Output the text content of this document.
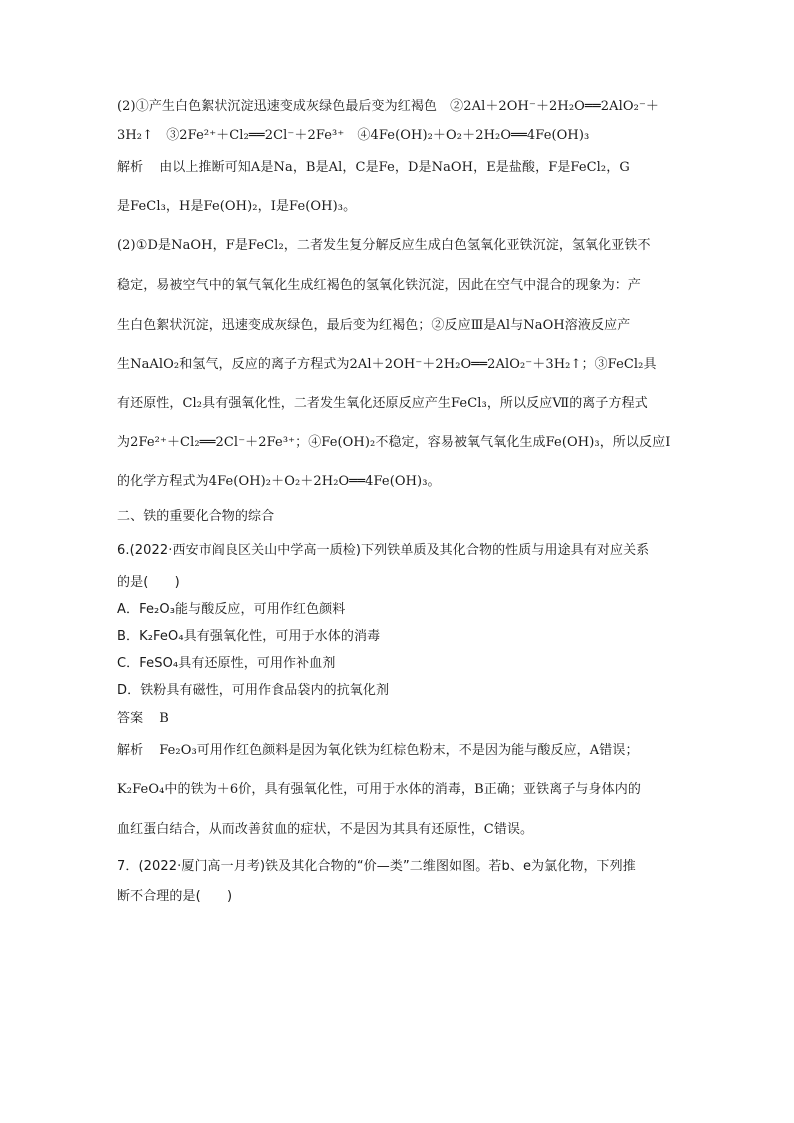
(2)①产生白色絮状沉淀迅速变成灰绿色最后变为红褐色　②2Al＋2OH⁻＋2H₂O══2AlO₂⁻＋
3H₂↑　③2Fe²⁺＋Cl₂══2Cl⁻＋2Fe³⁺　④4Fe(OH)₂＋O₂＋2H₂O══4Fe(OH)₃
解析 由以上推断可知A是Na，B是Al，C是Fe，D是NaOH，E是盐酸，F是FeCl₂，G
是FeCl₃，H是Fe(OH)₂，I是Fe(OH)₃。
(2)①D是NaOH，F是FeCl₂，二者发生复分解反应生成白色氢氧化亚铁沉淀，氢氧化亚铁不
稳定，易被空气中的氧气氧化生成红褐色的氢氧化铁沉淀，因此在空气中混合的现象为：产
生白色絮状沉淀，迅速变成灰绿色，最后变为红褐色；②反应Ⅲ是Al与NaOH溶液反应产
生NaAlO₂和氢气，反应的离子方程式为2Al＋2OH⁻＋2H₂O══2AlO₂⁻＋3H₂↑；③FeCl₂具
有还原性，Cl₂具有强氧化性，二者发生氧化还原反应产生FeCl₃，所以反应Ⅶ的离子方程式
为2Fe²⁺＋Cl₂══2Cl⁻＋2Fe³⁺；④Fe(OH)₂不稳定，容易被氧气氧化生成Fe(OH)₃，所以反应Ⅰ
的化学方程式为4Fe(OH)₂＋O₂＋2H₂O══4Fe(OH)₃。
二、铁的重要化合物的综合
6.(2022·西安市阎良区关山中学高一质检)下列铁单质及其化合物的性质与用途具有对应关系
的是(　　)
A．Fe₂O₃能与酸反应，可用作红色颜料
B．K₂FeO₄具有强氧化性，可用于水体的消毒
C．FeSO₄具有还原性，可用作补血剂
D．铁粉具有磁性，可用作食品袋内的抗氧化剂
答案 B
解析 Fe₂O₃可用作红色颜料是因为氧化铁为红棕色粉末，不是因为能与酸反应，A错误；
K₂FeO₄中的铁为＋6价，具有强氧化性，可用于水体的消毒，B正确；亚铁离子与身体内的
血红蛋白结合，从而改善贫血的症状，不是因为其具有还原性，C错误。
7．(2022·厦门高一月考)铁及其化合物的“价—类”二维图如图。若b、e为氯化物，下列推
断不合理的是(　　)
